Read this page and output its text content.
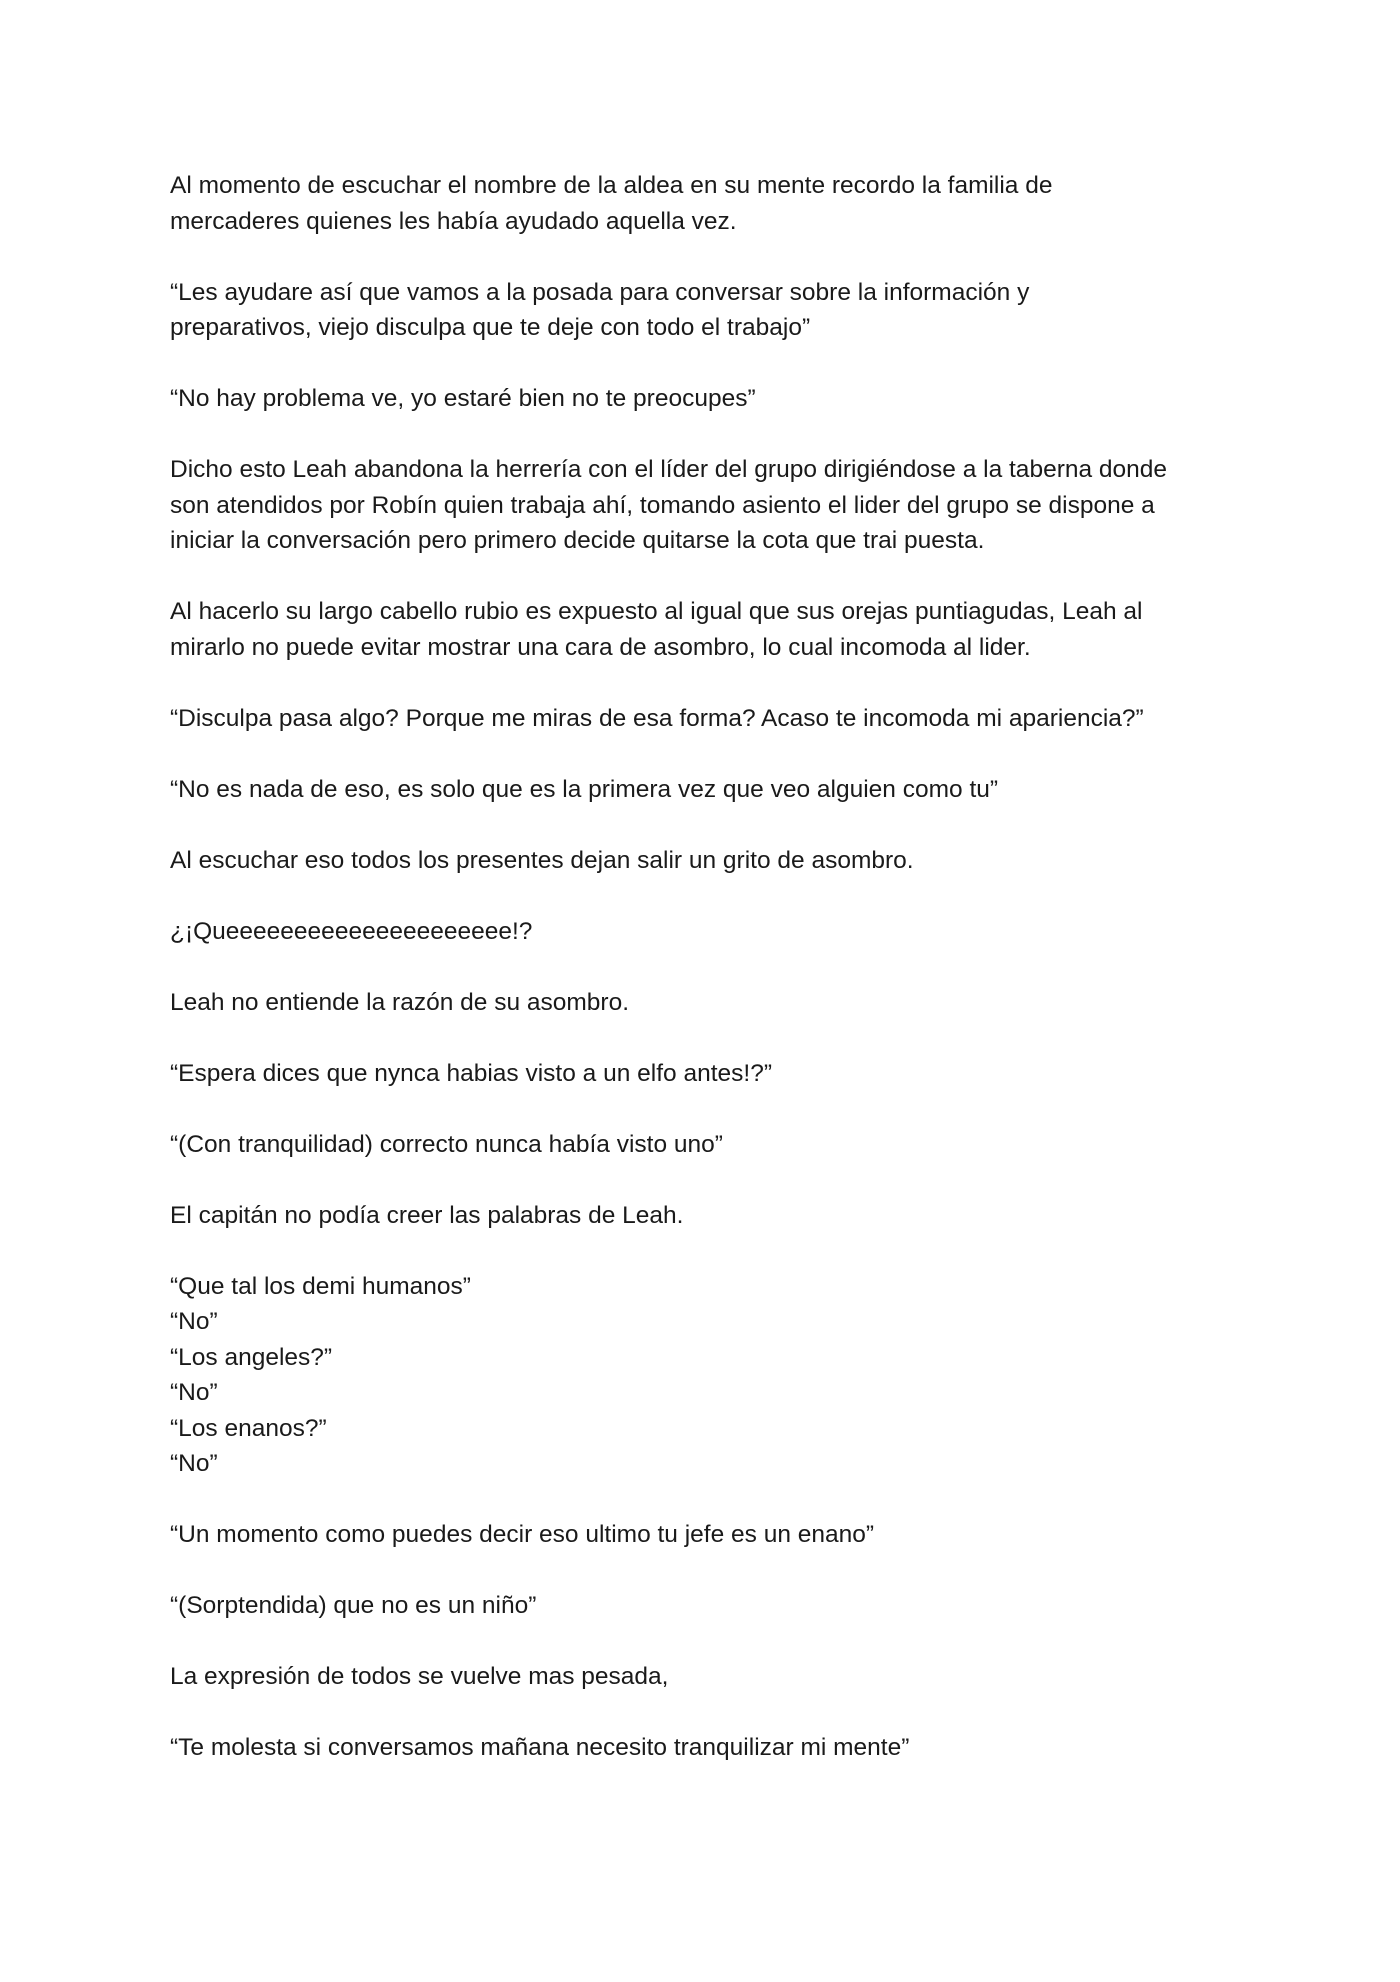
Al momento de escuchar el nombre de la aldea en su mente recordo la familia de
mercaderes quienes les había ayudado aquella vez.

“Les ayudare así que vamos a la posada para conversar sobre la información y
preparativos, viejo disculpa que te deje con todo el trabajo”

“No hay problema ve, yo estaré bien no te preocupes”

Dicho esto Leah abandona la herrería con el líder del grupo dirigiéndose a la taberna donde
son atendidos por Robín quien trabaja ahí, tomando asiento el lider del grupo se dispone a
iniciar la conversación pero primero decide quitarse la cota que trai puesta.

Al hacerlo su largo cabello rubio es expuesto al igual que sus orejas puntiagudas, Leah al
mirarlo no puede evitar mostrar una cara de asombro, lo cual incomoda al lider.

“Disculpa pasa algo? Porque me miras de esa forma? Acaso te incomoda mi apariencia?”

“No es nada de eso, es solo que es la primera vez que veo alguien como tu”

Al escuchar eso todos los presentes dejan salir un grito de asombro.

¿¡Queeeeeeeeeeeeeeeeeeeee!?

Leah no entiende la razón de su asombro.

“Espera dices que nynca habias visto a un elfo antes!?”

“(Con tranquilidad) correcto nunca había visto uno”

El capitán no podía creer las palabras de Leah.

“Que tal los demi humanos”
“No”
“Los angeles?”
“No”
“Los enanos?”
“No”

“Un momento como puedes decir eso ultimo tu jefe es un enano”

“(Sorptendida) que no es un niño”

La expresión de todos se vuelve mas pesada,

“Te molesta si conversamos mañana necesito tranquilizar mi mente”
